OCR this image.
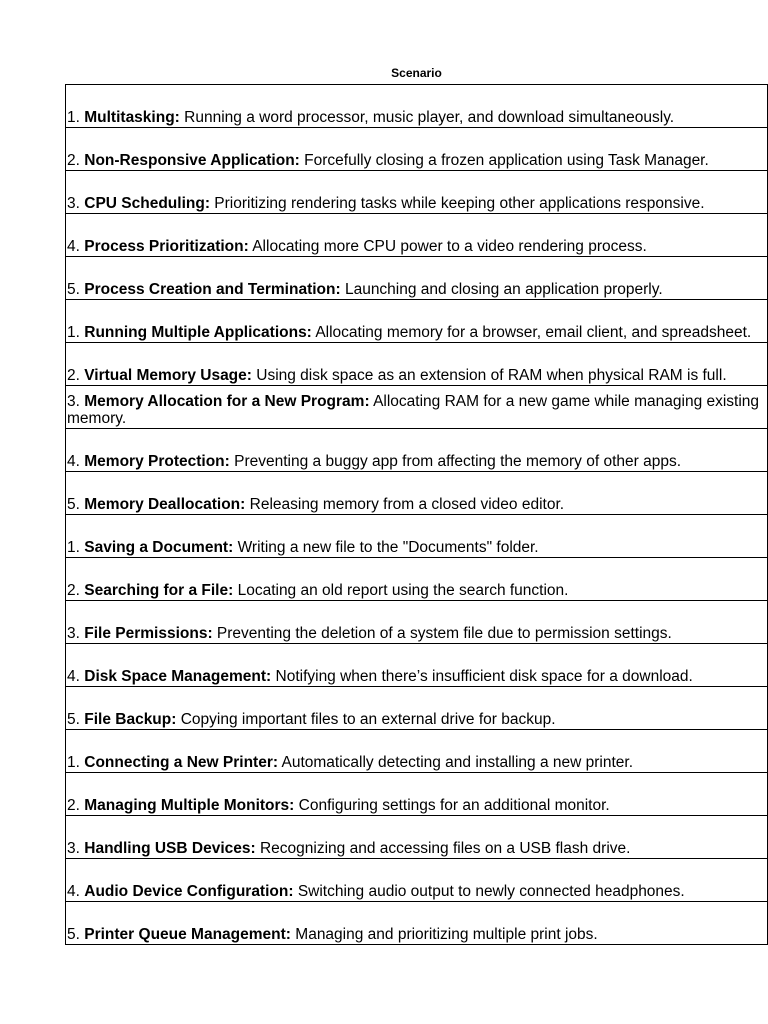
Scenario
1. Multitasking: Running a word processor, music player, and download simultaneously.
2. Non-Responsive Application: Forcefully closing a frozen application using Task Manager.
3. CPU Scheduling: Prioritizing rendering tasks while keeping other applications responsive.
4. Process Prioritization: Allocating more CPU power to a video rendering process.
5. Process Creation and Termination: Launching and closing an application properly.
1. Running Multiple Applications: Allocating memory for a browser, email client, and spreadsheet.
2. Virtual Memory Usage: Using disk space as an extension of RAM when physical RAM is full.
3. Memory Allocation for a New Program: Allocating RAM for a new game while managing existing memory.
4. Memory Protection: Preventing a buggy app from affecting the memory of other apps.
5. Memory Deallocation: Releasing memory from a closed video editor.
1. Saving a Document: Writing a new file to the "Documents" folder.
2. Searching for a File: Locating an old report using the search function.
3. File Permissions: Preventing the deletion of a system file due to permission settings.
4. Disk Space Management: Notifying when there’s insufficient disk space for a download.
5. File Backup: Copying important files to an external drive for backup.
1. Connecting a New Printer: Automatically detecting and installing a new printer.
2. Managing Multiple Monitors: Configuring settings for an additional monitor.
3. Handling USB Devices: Recognizing and accessing files on a USB flash drive.
4. Audio Device Configuration: Switching audio output to newly connected headphones.
5. Printer Queue Management: Managing and prioritizing multiple print jobs.
